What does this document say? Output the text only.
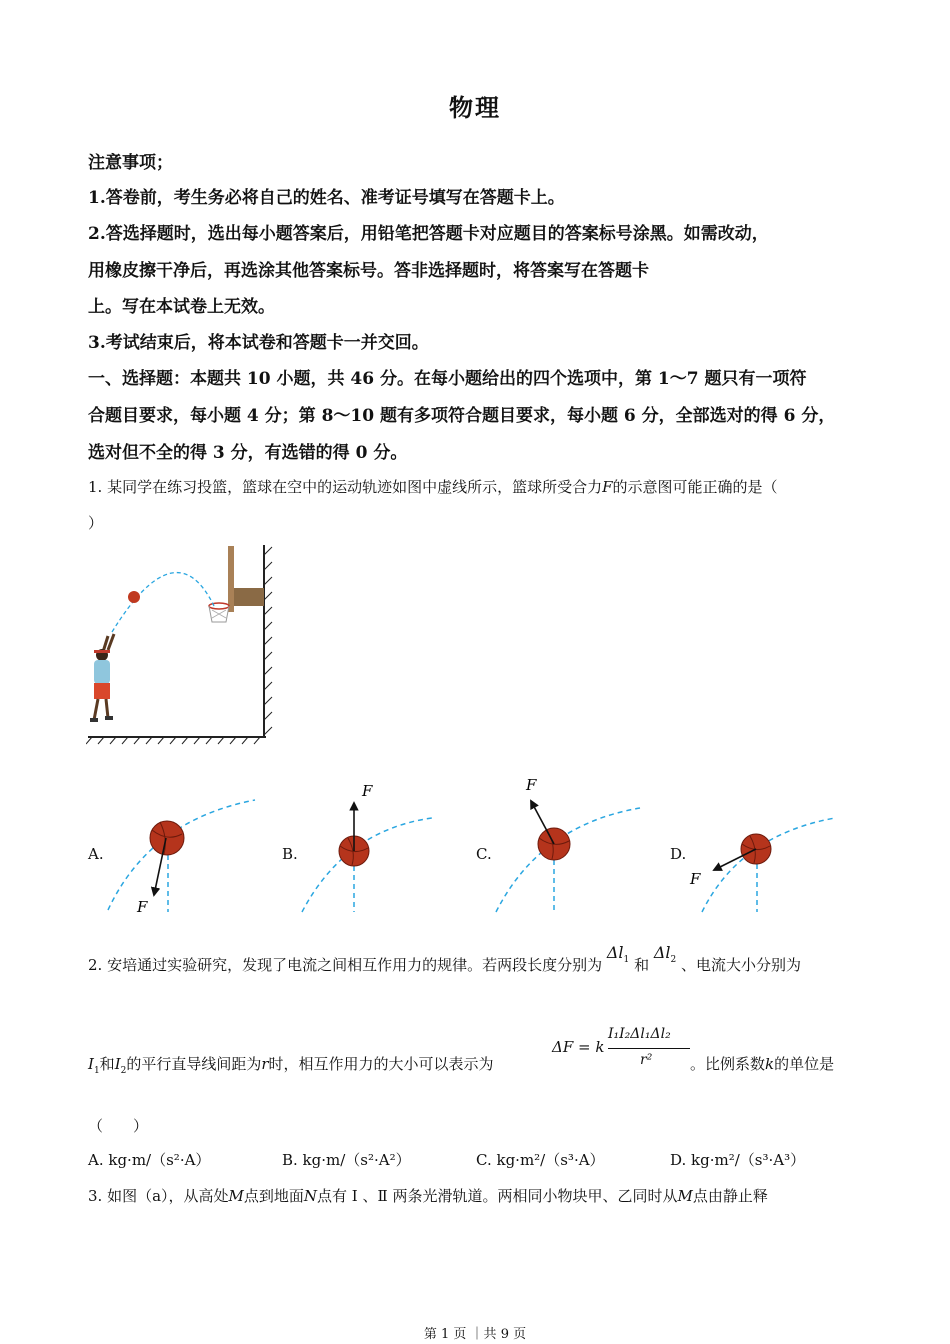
物理
注意事项；
1.答卷前，考生务必将自己的姓名、准考证号填写在答题卡上。
2.答选择题时，选出每小题答案后，用铅笔把答题卡对应题目的答案标号涂黑。如需改动，
用橡皮擦干净后，再选涂其他答案标号。答非选择题时，将答案写在答题卡
上。写在本试卷上无效。
3.考试结束后，将本试卷和答题卡一并交回。
一、选择题：本题共 10 小题，共 46 分。在每小题给出的四个选项中，第 1～7 题只有一项符
合题目要求，每小题 4 分；第 8～10 题有多项符合题目要求，每小题 6 分，全部选对的得 6 分，
选对但不全的得 3 分，有选错的得 0 分。
1. 某同学在练习投篮，篮球在空中的运动轨迹如图中虚线所示，篮球所受合力F的示意图可能正确的是（
）
A.	B.	C.	D.
F
F	F
F
2. 安培通过实验研究，发现了电流之间相互作用力的规律。若两段长度分别为 $\Delta l_1$ 和 $\Delta l_2$ 、电流大小分别为
$I_1$和$I_2$的平行直导线间距为r时，相互作用力的大小可以表示为
ΔF = k
I₁I₂Δl₁Δl₂
r²	。比例系数k的单位是
（　　）
A. kg·m/（s²·A）	B. kg·m/（s²·A²）	C. kg·m²/（s³·A）	D. kg·m²/（s³·A³）
3. 如图（a），从高处M点到地面N点有 Ⅰ 、Ⅱ 两条光滑轨道。两相同小物块甲、乙同时从M点由静止释
第 1 页 ｜共 9 页
